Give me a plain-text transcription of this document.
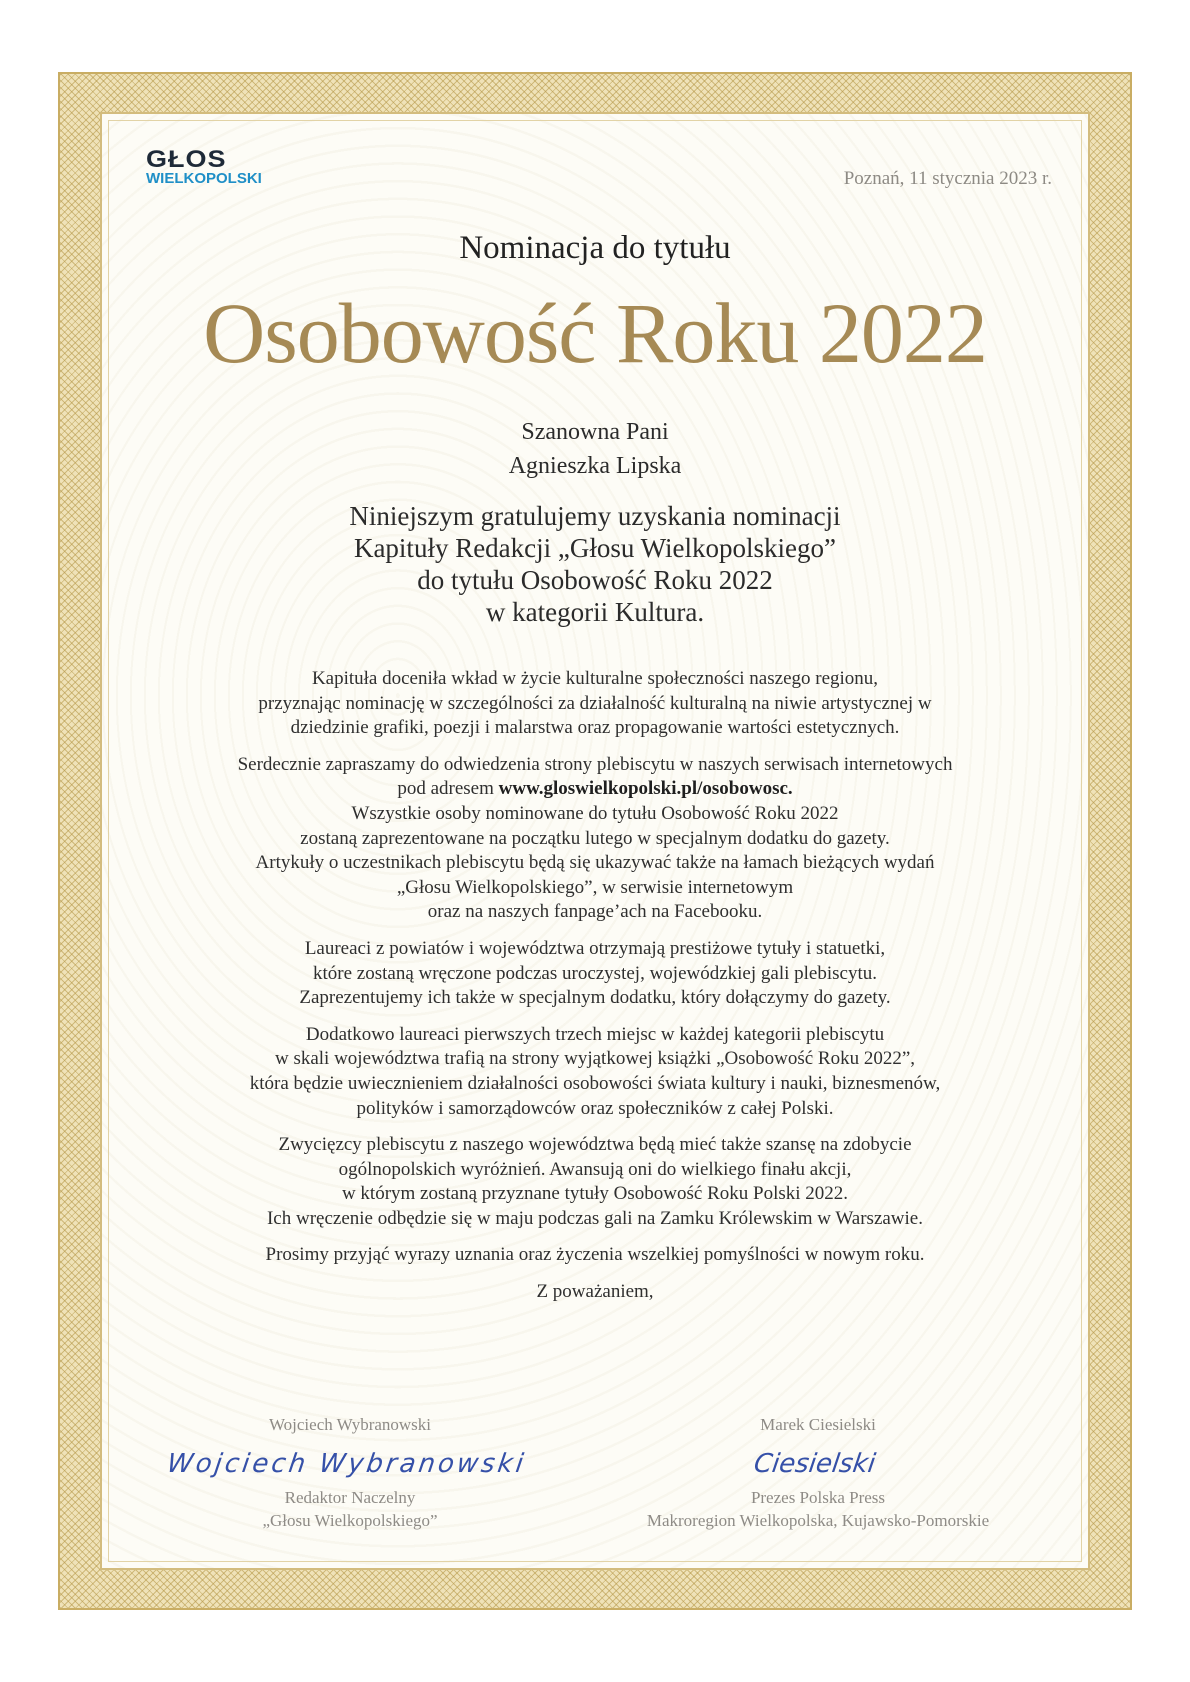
GŁOS
WIELKOPOLSKI	Poznań, 11 stycznia 2023 r.
Nominacja do tytułu
Osobowość Roku 2022
Szanowna Pani
Agnieszka Lipska
Niniejszym gratulujemy uzyskania nominacji
Kapituły Redakcji „Głosu Wielkopolskiego”
do tytułu Osobowość Roku 2022
w kategorii Kultura.

Kapituła doceniła wkład w życie kulturalne społeczności naszego regionu,
przyznając nominację w szczególności za działalność kulturalną na niwie artystycznej w
dziedzinie grafiki, poezji i malarstwa oraz propagowanie wartości estetycznych.

Serdecznie zapraszamy do odwiedzenia strony plebiscytu w naszych serwisach internetowych
pod adresem www.gloswielkopolski.pl/osobowosc.
Wszystkie osoby nominowane do tytułu Osobowość Roku 2022
zostaną zaprezentowane na początku lutego w specjalnym dodatku do gazety.
Artykuły o uczestnikach plebiscytu będą się ukazywać także na łamach bieżących wydań
„Głosu Wielkopolskiego”, w serwisie internetowym
oraz na naszych fanpage’ach na Facebooku.

Laureaci z powiatów i województwa otrzymają prestiżowe tytuły i statuetki,
które zostaną wręczone podczas uroczystej, wojewódzkiej gali plebiscytu.
Zaprezentujemy ich także w specjalnym dodatku, który dołączymy do gazety.

Dodatkowo laureaci pierwszych trzech miejsc w każdej kategorii plebiscytu
w skali województwa trafią na strony wyjątkowej książki „Osobowość Roku 2022”,
która będzie uwiecznieniem działalności osobowości świata kultury i nauki, biznesmenów,
polityków i samorządowców oraz społeczników z całej Polski.

Zwycięzcy plebiscytu z naszego województwa będą mieć także szansę na zdobycie
ogólnopolskich wyróżnień. Awansują oni do wielkiego finału akcji,
w którym zostaną przyznane tytuły Osobowość Roku Polski 2022.
Ich wręczenie odbędzie się w maju podczas gali na Zamku Królewskim w Warszawie.

Prosimy przyjąć wyrazy uznania oraz życzenia wszelkiej pomyślności w nowym roku.

Z poważaniem,

Wojciech Wybranowski
Wojciech Wybranowski
Redaktor Naczelny
„Głosu Wielkopolskiego”
Marek Ciesielski
Ciesielski
Prezes Polska Press
Makroregion Wielkopolska, Kujawsko-Pomorskie
